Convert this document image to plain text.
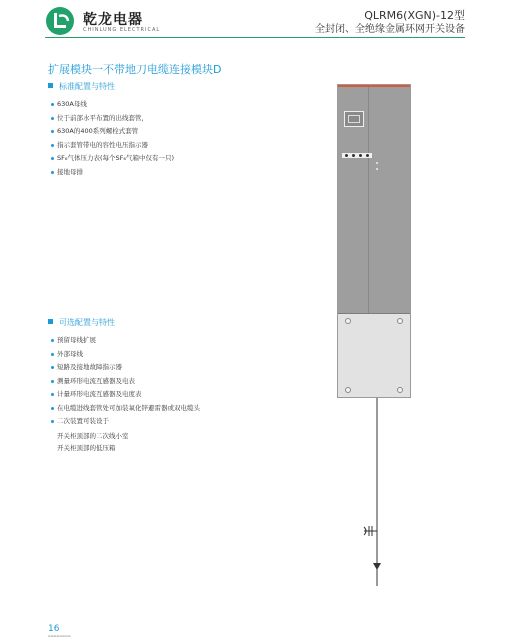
乾龙电器
CHINLUNG ELECTRICAL
QLRM6(XGN)-12型
全封闭、全绝缘金属环网开关设备
扩展模块一不带地刀电缆连接模块D
标准配置与特性
630A母线
位于前部水平布置的出线套管，
630A的400系列螺栓式套管
指示套管带电的容性电压指示器
SF₆气体压力表(每个SF₆气箱中仅有一只)
接地母排
可选配置与特性
预留母线扩展
外部母线
短路及接地故障指示器
测量环形电流互感器及电表
计量环形电流互感器及电度表
在电缆进线套管处可加装氧化锌避雷器或双电缆头
二次装置可装设于
开关柜顶部的二次线小室
开关柜顶部的低压箱
16
▬▬▬▬▬▬▬▬
